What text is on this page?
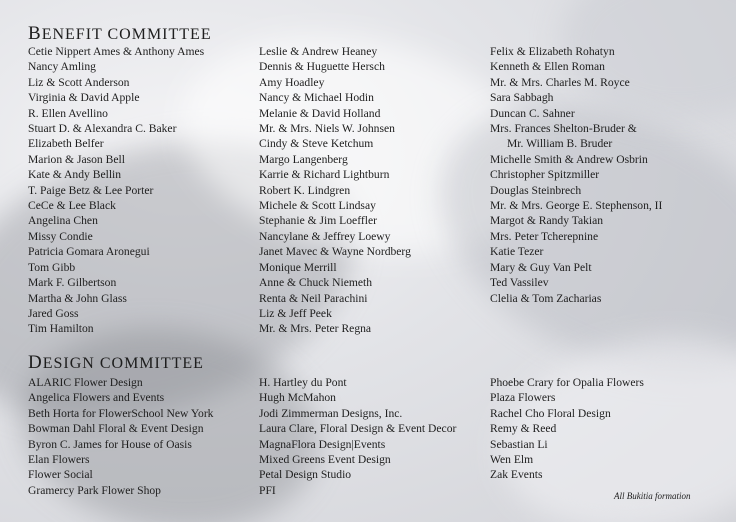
BENEFIT COMMITTEE
Cetie Nippert Ames & Anthony Ames
Nancy Amling
Liz & Scott Anderson
Virginia & David Apple
R. Ellen Avellino
Stuart D. & Alexandra C. Baker
Elizabeth Belfer
Marion & Jason Bell
Kate & Andy Bellin
T. Paige Betz & Lee Porter
CeCe & Lee Black
Angelina Chen
Missy Condie
Patricia Gomara Aronegui
Tom Gibb
Mark F. Gilbertson
Martha & John Glass
Jared Goss
Tim Hamilton
Leslie & Andrew Heaney
Dennis & Huguette Hersch
Amy Hoadley
Nancy & Michael Hodin
Melanie & David Holland
Mr. & Mrs. Niels W. Johnsen
Cindy & Steve Ketchum
Margo Langenberg
Karrie & Richard Lightburn
Robert K. Lindgren
Michele & Scott Lindsay
Stephanie & Jim Loeffler
Nancylane & Jeffrey Loewy
Janet Mavec & Wayne Nordberg
Monique Merrill
Anne & Chuck Niemeth
Renta & Neil Parachini
Liz & Jeff Peek
Mr. & Mrs. Peter Regna
Felix & Elizabeth Rohatyn
Kenneth & Ellen Roman
Mr. & Mrs. Charles M. Royce
Sara Sabbagh
Duncan C. Sahner
Mrs. Frances Shelton-Bruder &
Mr. William B. Bruder
Michelle Smith & Andrew Osbrin
Christopher Spitzmiller
Douglas Steinbrech
Mr. & Mrs. George E. Stephenson, II
Margot & Randy Takian
Mrs. Peter Tcherepnine
Katie Tezer
Mary & Guy Van Pelt
Ted Vassilev
Clelia & Tom Zacharias
DESIGN COMMITTEE
ALARIC Flower Design
Angelica Flowers and Events
Beth Horta for FlowerSchool New York
Bowman Dahl Floral & Event Design
Byron C. James for House of Oasis
Elan Flowers
Flower Social
Gramercy Park Flower Shop
H. Hartley du Pont
Hugh McMahon
Jodi Zimmerman Designs, Inc.
Laura Clare, Floral Design & Event Decor
MagnaFlora Design|Events
Mixed Greens Event Design
Petal Design Studio
PFI
Phoebe Crary for Opalia Flowers
Plaza Flowers
Rachel Cho Floral Design
Remy & Reed
Sebastian Li
Wen Elm
Zak Events
All Bukitia formation
